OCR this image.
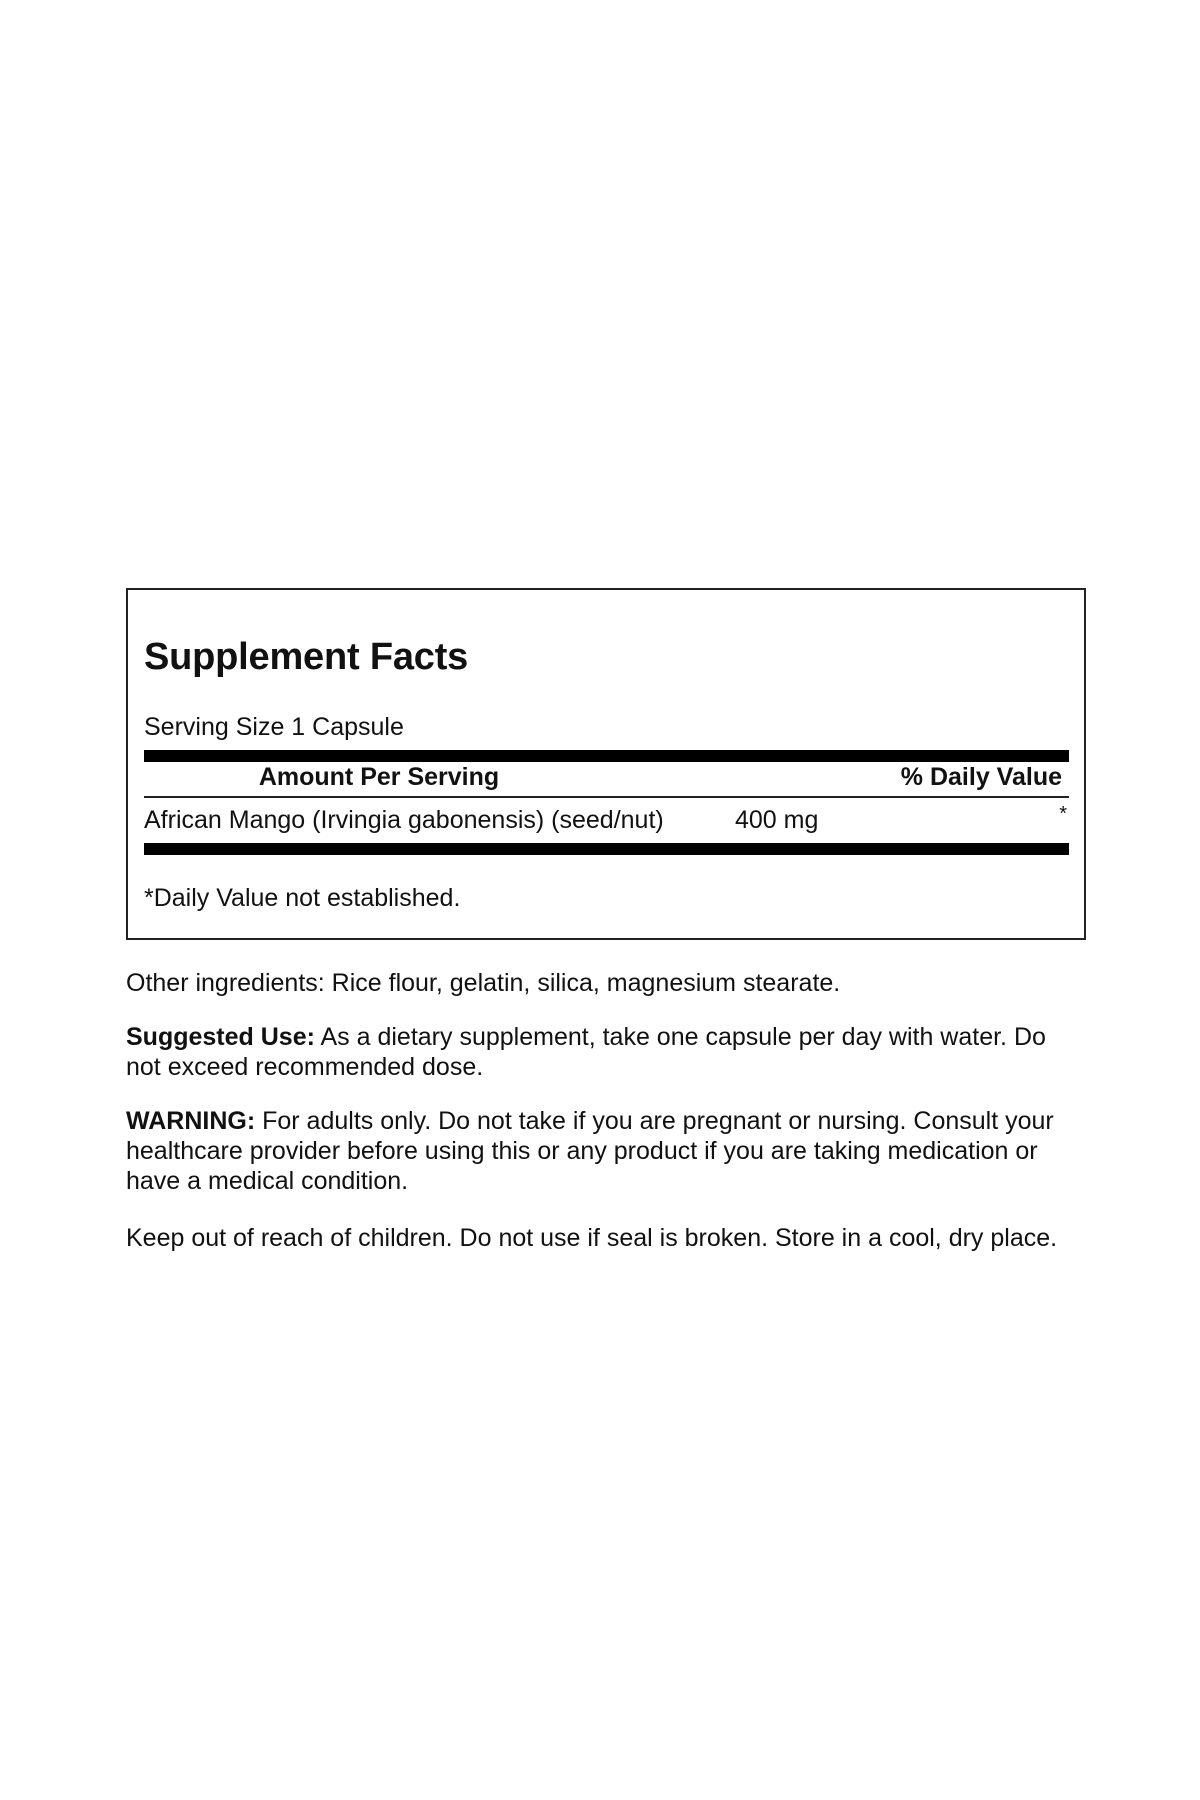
Supplement Facts
Serving Size 1 Capsule
Amount Per Serving	% Daily Value
African Mango (Irvingia gabonensis) (seed/nut)	400 mg	*
*Daily Value not established.

Other ingredients: Rice flour, gelatin, silica, magnesium stearate.

Suggested Use: As a dietary supplement, take one capsule per day with water. Do not exceed recommended dose.

WARNING: For adults only. Do not take if you are pregnant or nursing. Consult your healthcare provider before using this or any product if you are taking medication or have a medical condition.

Keep out of reach of children. Do not use if seal is broken. Store in a cool, dry place.
